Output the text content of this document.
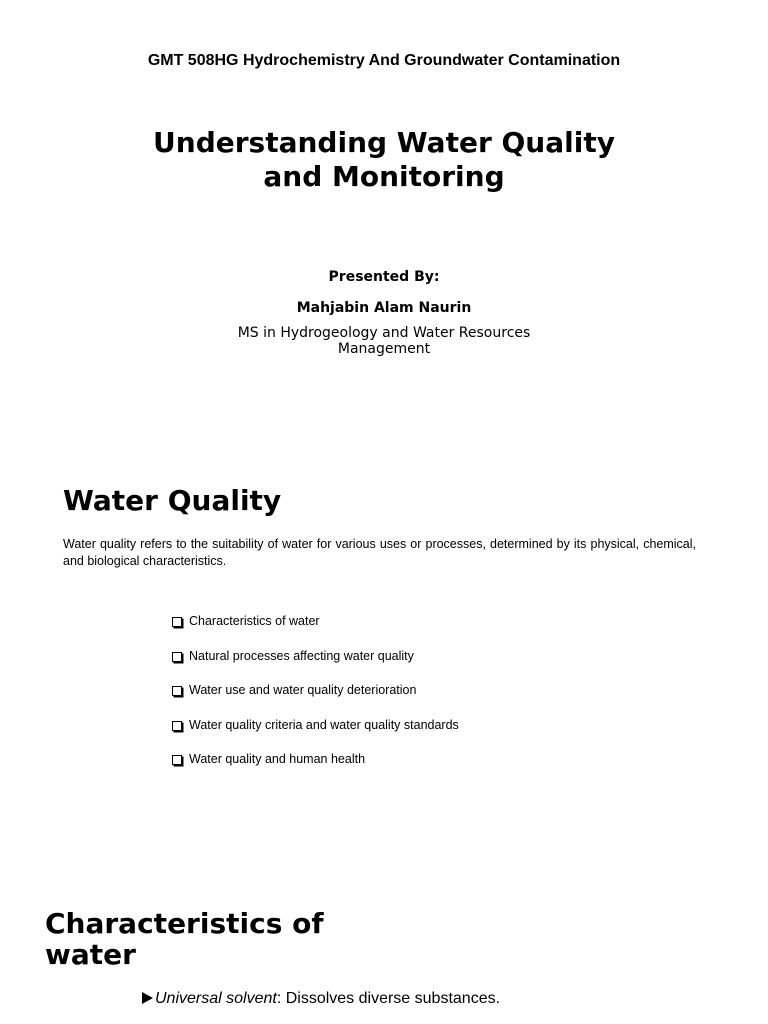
GMT 508HG Hydrochemistry And Groundwater Contamination
Understanding Water Quality
and Monitoring
Presented By:
Mahjabin Alam Naurin
MS in Hydrogeology and Water Resources Management
Water Quality
Water quality refers to the suitability of water for various uses or processes, determined by its physical, chemical, and biological characteristics.
Characteristics of water
Natural processes affecting water quality
Water use and water quality deterioration
Water quality criteria and water quality standards
Water quality and human health
Characteristics of water
Universal solvent: Dissolves diverse substances.
